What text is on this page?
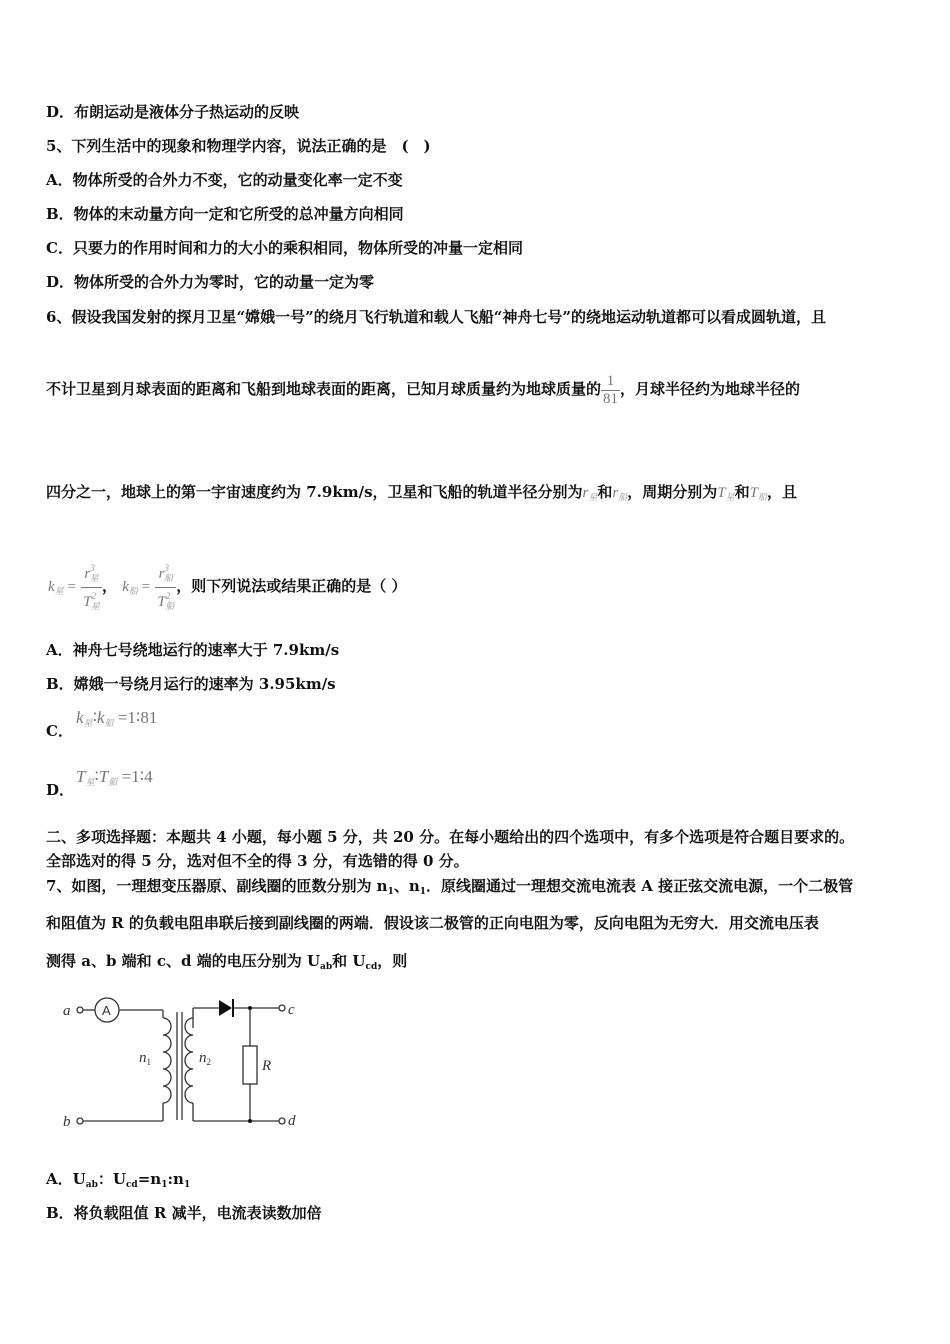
D．布朗运动是液体分子热运动的反映
5、下列生活中的现象和物理学内容，说法正确的是　(　)
A．物体所受的合外力不变，它的动量变化率一定不变
B．物体的末动量方向一定和它所受的总冲量方向相同
C．只要力的作用时间和力的大小的乘积相同，物体所受的冲量一定相同
D．物体所受的合外力为零时，它的动量一定为零
6、假设我国发射的探月卫星“嫦娥一号”的绕月飞行轨道和载人飞船“神舟七号”的绕地运动轨道都可以看成圆轨道，且
不计卫星到月球表面的距离和飞船到地球表面的距离，已知月球质量约为地球质量的 $\frac{1}{81}$ ，月球半径约为地球半径的
四分之一，地球上的第一宇宙速度约为 7.9km/s，卫星和飞船的轨道半径分别为$r_星$和$r_船$，周期分别为$T_星$和$T_船$，且
$k_星 = \frac{r^3_星}{T^2_星}$ ， $k_船 = \frac{r^3_船}{T^2_船}$ ，则下列说法或结果正确的是（ ）
A．神舟七号绕地运行的速率大于 7.9km/s
B．嫦娥一号绕月运行的速率为 3.95km/s
C．
$k_星∶k_船$ =1∶81
D．
$T_星∶T_船$ =1∶4
二、多项选择题：本题共 4 小题，每小题 5 分，共 20 分。在每小题给出的四个选项中，有多个选项是符合题目要求的。
全部选对的得 5 分，选对但不全的得 3 分，有选错的得 0 分。
7、如图，一理想变压器原、副线圈的匝数分别为 $n_1$、$n_1$．原线圈通过一理想交流电流表 A 接正弦交流电源，一个二极管
和阻值为 R 的负载电阻串联后接到副线圈的两端．假设该二极管的正向电阻为零，反向电阻为无穷大．用交流电压表
测得 a、b 端和 c、d 端的电压分别为 $U_{ab}$和 $U_{cd}$，则
a
b
c
d
$n_1$	$n_2$	R
A
A．$U_{ab}$：$U_{cd}=n_1:n_1$
B．将负载阻值 R 减半，电流表读数加倍
